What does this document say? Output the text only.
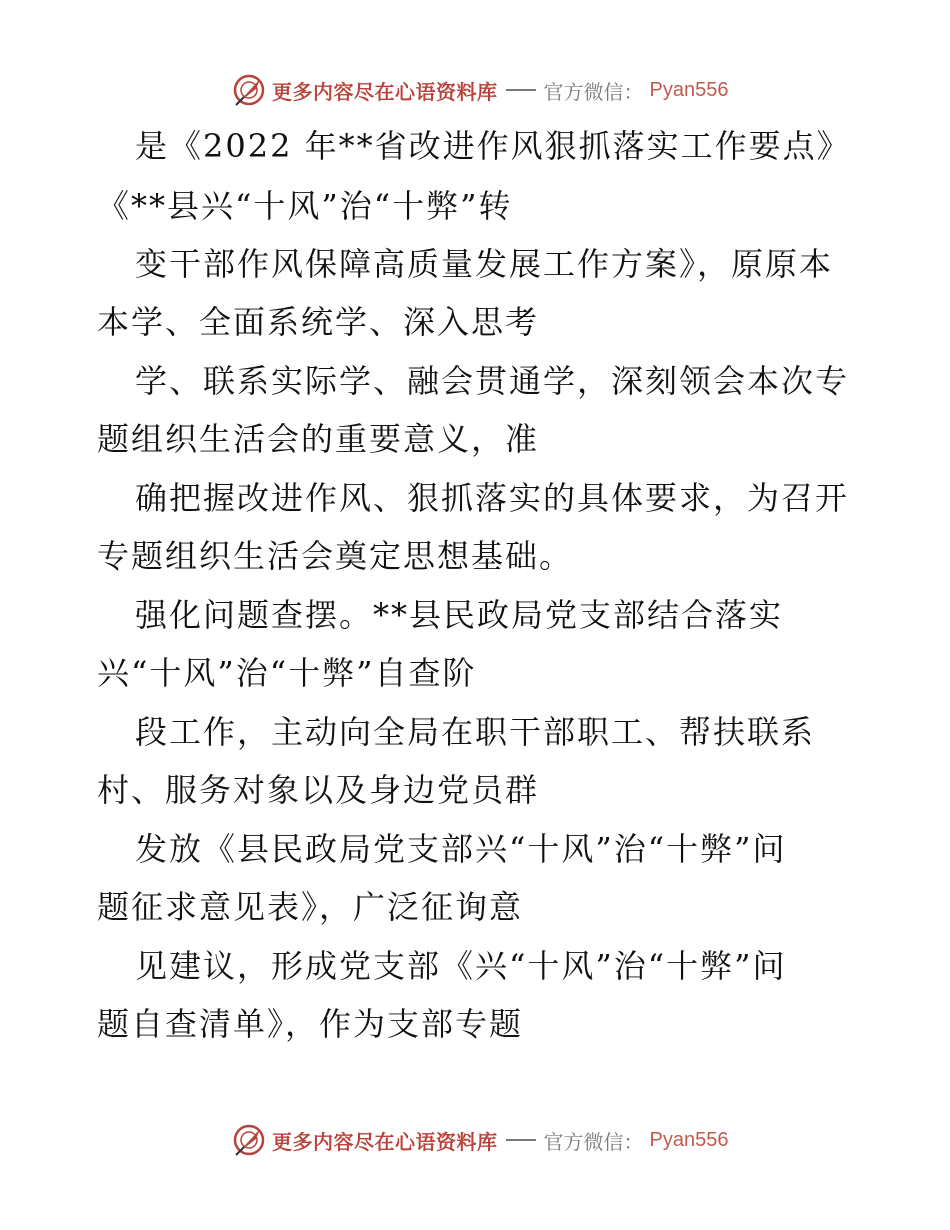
更多内容尽在心语资料库 官方微信： Pyan556
是《2022 年**省改进作风狠抓落实工作要点》
《**县兴“十风”治“十弊”转
变干部作风保障高质量发展工作方案》，原原本
本学、全面系统学、深入思考
学、联系实际学、融会贯通学，深刻领会本次专
题组织生活会的重要意义，准
确把握改进作风、狠抓落实的具体要求，为召开
专题组织生活会奠定思想基础。
强化问题查摆。**县民政局党支部结合落实
兴“十风”治“十弊”自查阶
段工作，主动向全局在职干部职工、帮扶联系
村、服务对象以及身边党员群
发放《县民政局党支部兴“十风”治“十弊”问
题征求意见表》，广泛征询意
见建议，形成党支部《兴“十风”治“十弊”问
题自查清单》，作为支部专题
更多内容尽在心语资料库 官方微信： Pyan556
